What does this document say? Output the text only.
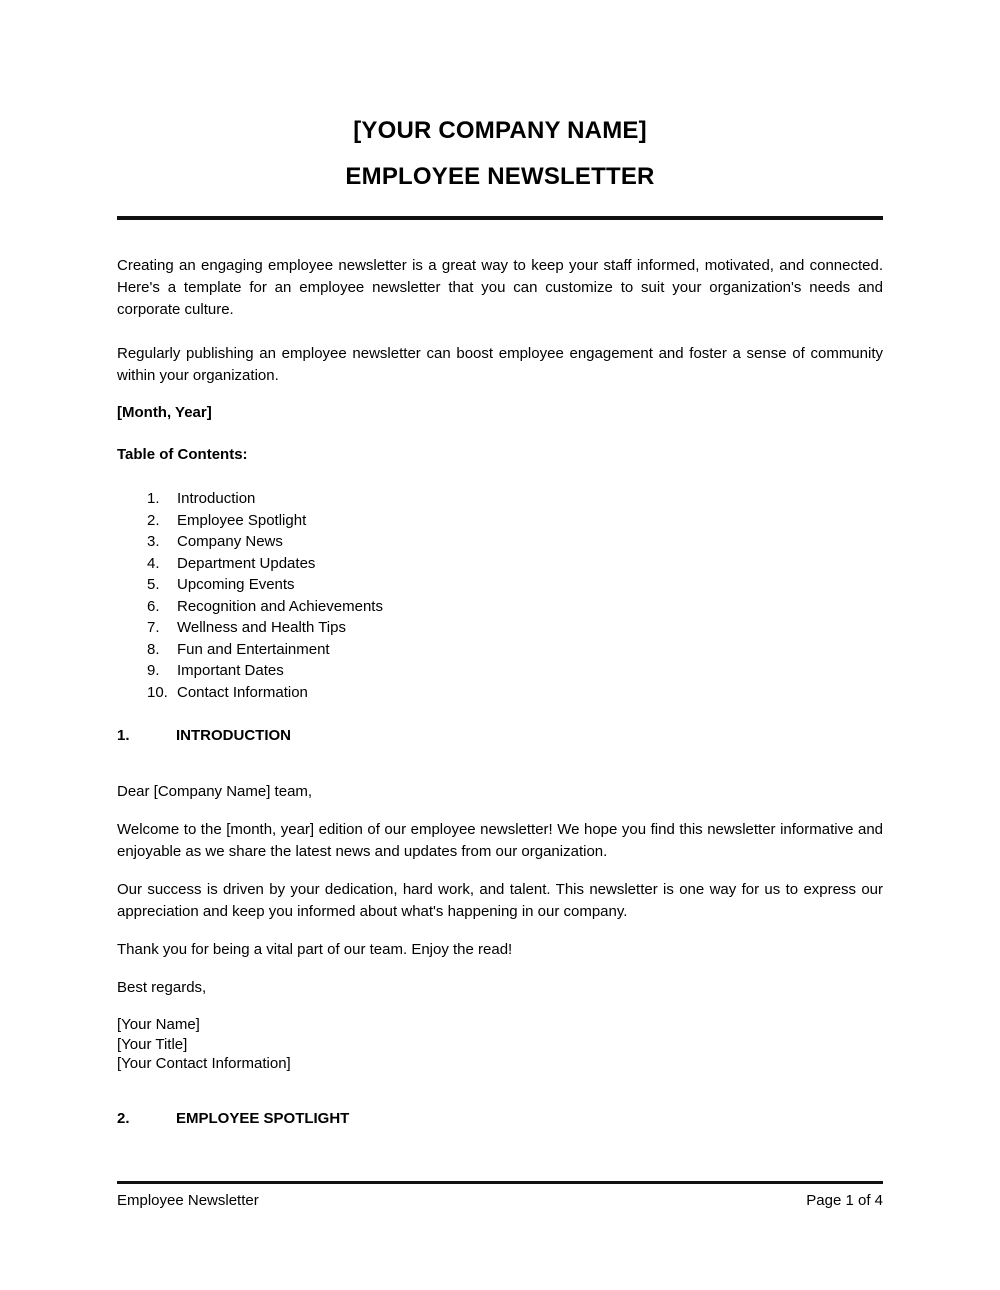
[YOUR COMPANY NAME]
EMPLOYEE NEWSLETTER

Creating an engaging employee newsletter is a great way to keep your staff informed, motivated, and connected. Here's a template for an employee newsletter that you can customize to suit your organization's needs and corporate culture.

Regularly publishing an employee newsletter can boost employee engagement and foster a sense of community within your organization.

[Month, Year]

Table of Contents:

1.	Introduction
2.	Employee Spotlight
3.	Company News
4.	Department Updates
5.	Upcoming Events
6.	Recognition and Achievements
7.	Wellness and Health Tips
8.	Fun and Entertainment
9.	Important Dates
10. Contact Information
1.	INTRODUCTION

Dear [Company Name] team,

Welcome to the [month, year] edition of our employee newsletter! We hope you find this newsletter informative and enjoyable as we share the latest news and updates from our organization.

Our success is driven by your dedication, hard work, and talent. This newsletter is one way for us to express our appreciation and keep you informed about what's happening in our company.

Thank you for being a vital part of our team. Enjoy the read!

Best regards,

[Your Name]
[Your Title]
[Your Contact Information]
2.	EMPLOYEE SPOTLIGHT
Employee Newsletter	Page 1 of 4
